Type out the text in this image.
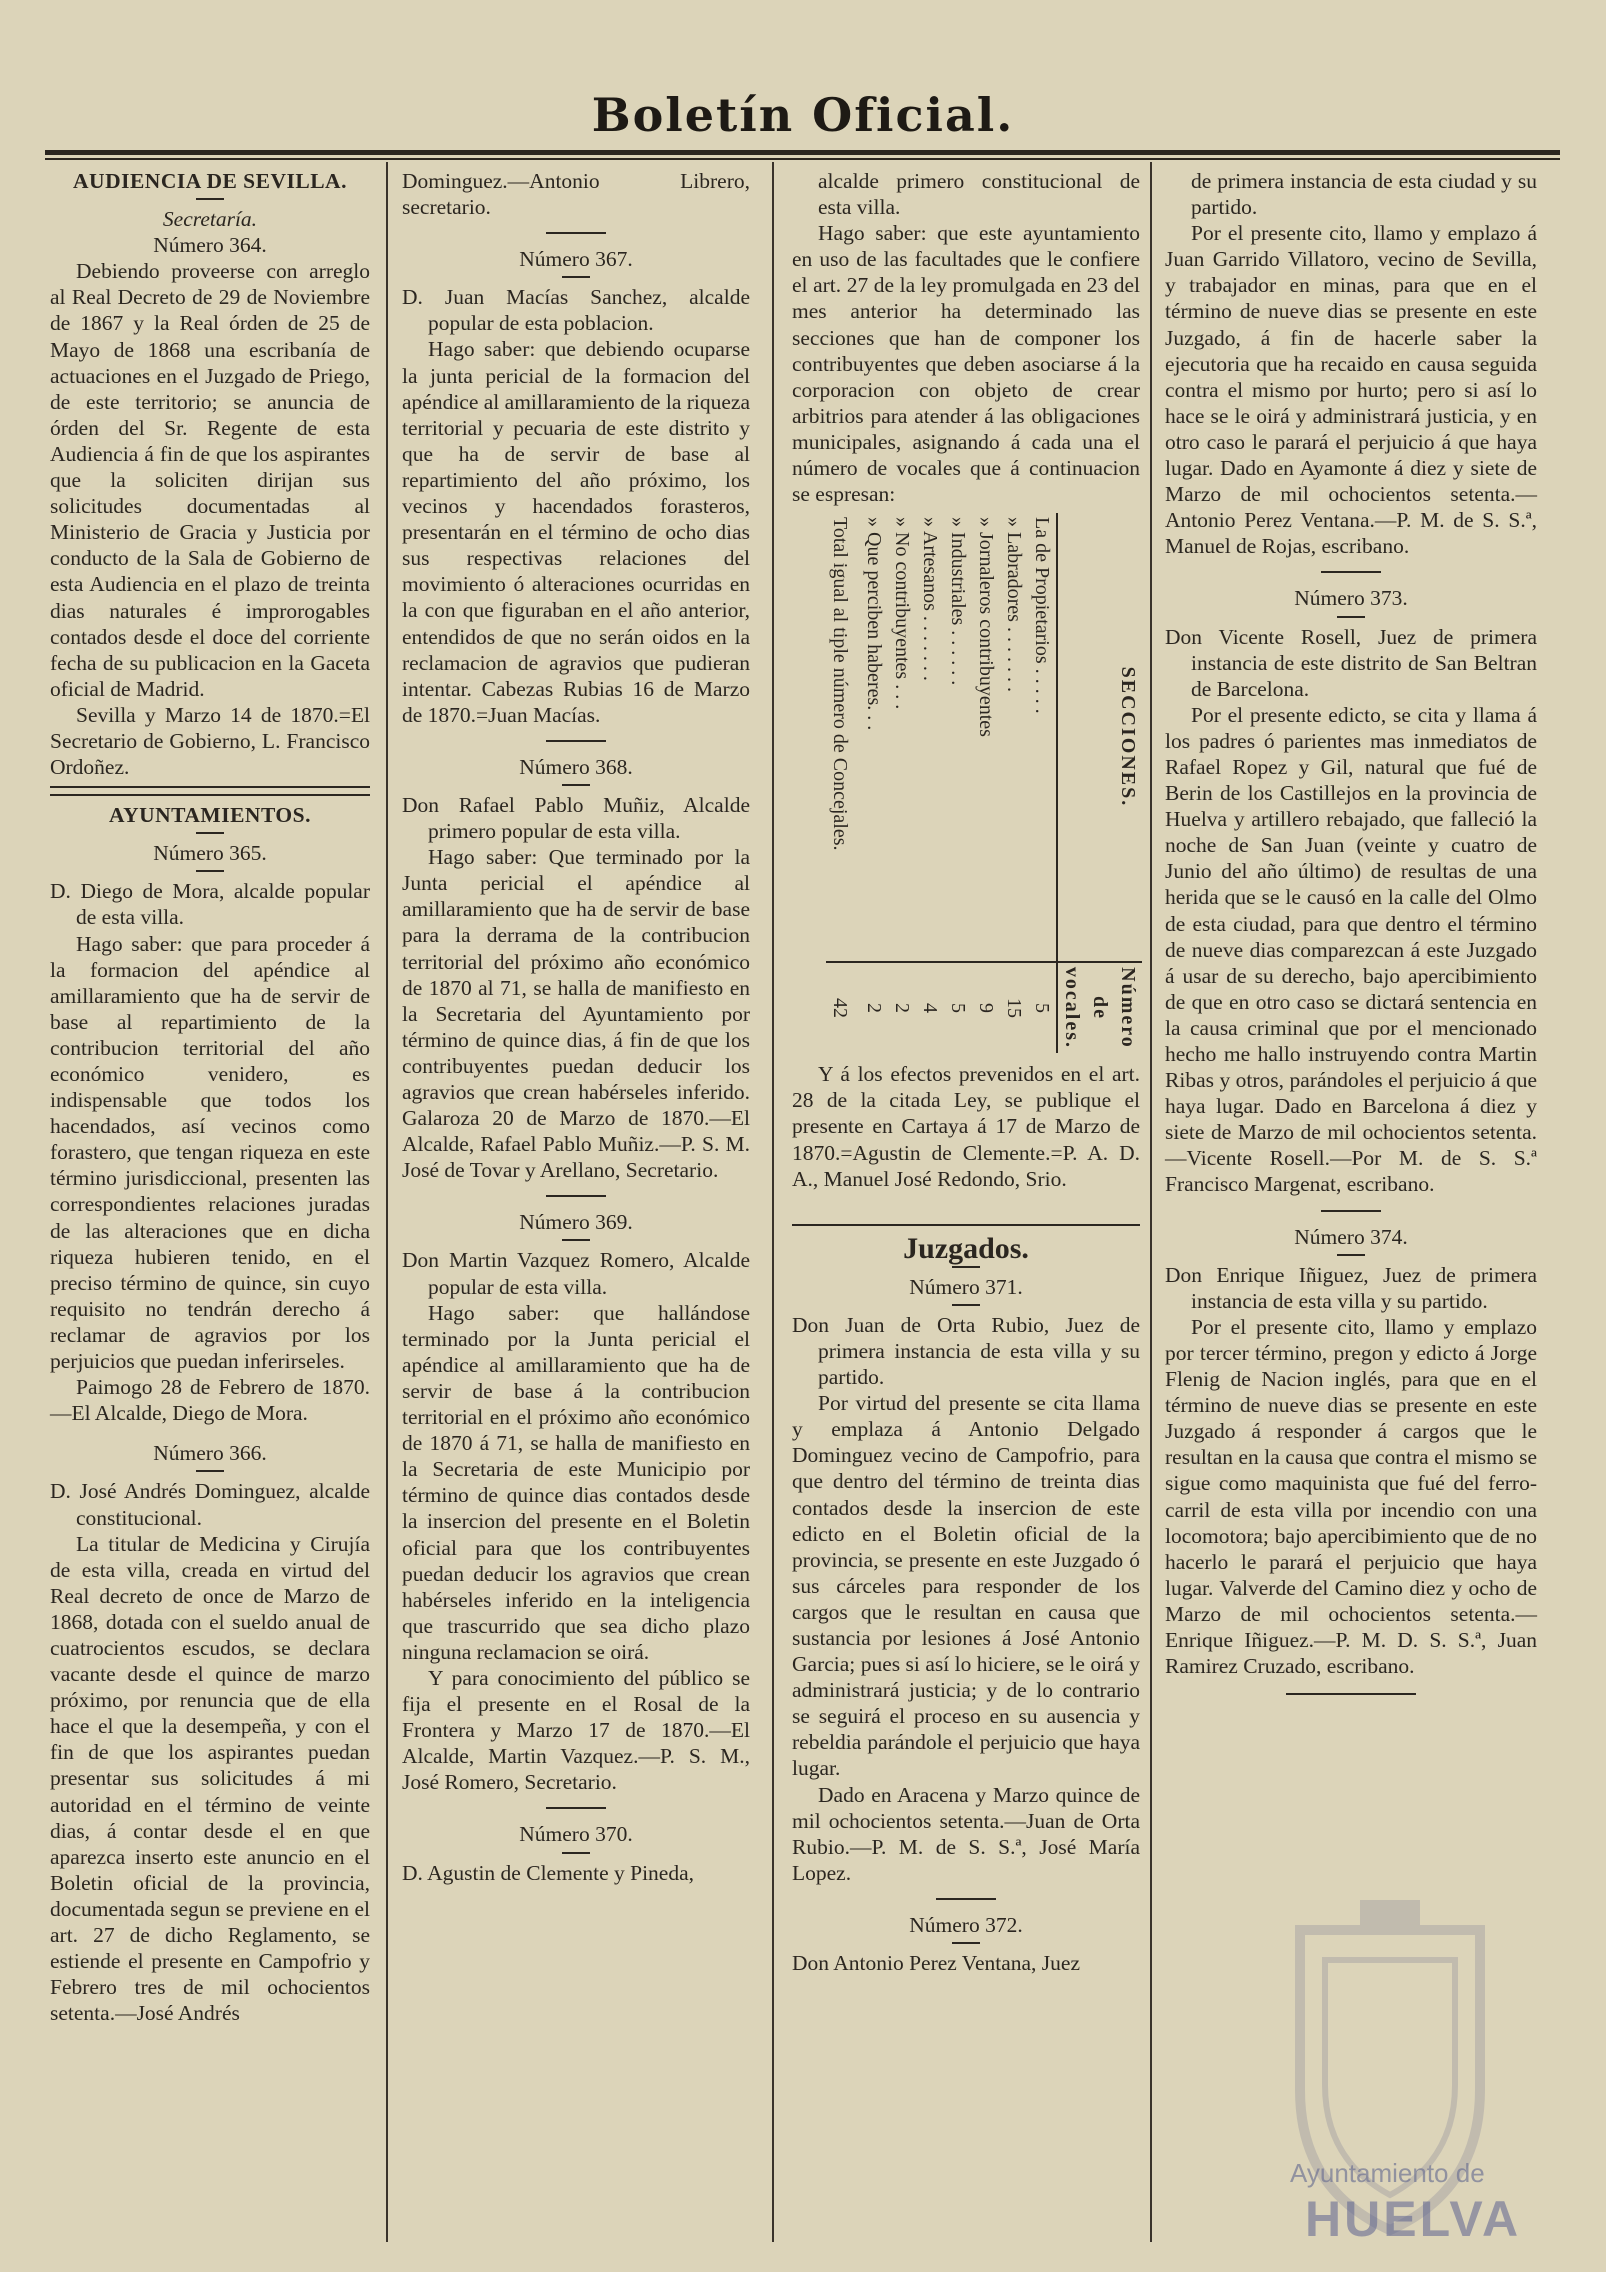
Boletín Oficial.

AUDIENCIA DE SEVILLA.

Secretaría.

Número 364.

Debiendo proveerse con arreglo al Real Decreto de 29 de Noviembre de 1867 y la Real órden de 25 de Mayo de 1868 una escribanía de actuaciones en el Juzgado de Priego, de este territorio; se anuncia de órden del Sr. Regente de esta Audiencia á fin de que los aspirantes que la soliciten dirijan sus solicitudes documentadas al Ministerio de Gracia y Justicia por conducto de la Sala de Gobierno de esta Audiencia en el plazo de treinta dias naturales é improrogables contados desde el doce del corriente fecha de su publicacion en la Gaceta oficial de Madrid.

Sevilla y Marzo 14 de 1870.=El Secretario de Gobierno, L. Francisco Ordoñez.

AYUNTAMIENTOS.

Número 365.

D. Diego de Mora, alcalde popular de esta villa.

Hago saber: que para proceder á la formacion del apéndice al amillaramiento que ha de servir de base al repartimiento de la contribucion territorial del año económico venidero, es indispensable que todos los hacendados, así vecinos como forastero, que tengan riqueza en este término jurisdiccional, presenten las correspondientes relaciones juradas de las alteraciones que en dicha riqueza hubieren tenido, en el preciso término de quince, sin cuyo requisito no tendrán derecho á reclamar de agravios por los perjuicios que puedan inferirseles.

Paimogo 28 de Febrero de 1870.—El Alcalde, Diego de Mora.

Número 366.

D. José Andrés Dominguez, alcalde constitucional.

La titular de Medicina y Cirujía de esta villa, creada en virtud del Real decreto de once de Marzo de 1868, dotada con el sueldo anual de cuatrocientos escudos, se declara vacante desde el quince de marzo próximo, por renuncia que de ella hace el que la desempeña, y con el fin de que los aspirantes puedan presentar sus solicitudes á mi autoridad en el término de veinte dias, á contar desde el en que aparezca inserto este anuncio en el Boletin oficial de la provincia, documentada segun se previene en el art. 27 de dicho Reglamento, se estiende el presente en Campofrio y Febrero tres de mil ochocientos setenta.—José Andrés

Dominguez.—Antonio Librero, secretario.

Número 367.

D. Juan Macías Sanchez, alcalde popular de esta poblacion.

Hago saber: que debiendo ocuparse la junta pericial de la formacion del apéndice al amillaramiento de la riqueza territorial y pecuaria de este distrito y que ha de servir de base al repartimiento del año próximo, los vecinos y hacendados forasteros, presentarán en el término de ocho dias sus respectivas relaciones del movimiento ó alteraciones ocurridas en la con que figuraban en el año anterior, entendidos de que no serán oidos en la reclamacion de agravios que pudieran intentar. Cabezas Rubias 16 de Marzo de 1870.=Juan Macías.

Número 368.

Don Rafael Pablo Muñiz, Alcalde primero popular de esta villa.

Hago saber: Que terminado por la Junta pericial el apéndice al amillaramiento que ha de servir de base para la derrama de la contribucion territorial del próximo año económico de 1870 al 71, se halla de manifiesto en la Secretaria del Ayuntamiento por término de quince dias, á fin de que los contribuyentes puedan deducir los agravios que crean habérseles inferido. Galaroza 20 de Marzo de 1870.—El Alcalde, Rafael Pablo Muñiz.—P. S. M. José de Tovar y Arellano, Secretario.

Número 369.

Don Martin Vazquez Romero, Alcalde popular de esta villa.

Hago saber: que hallándose terminado por la Junta pericial el apéndice al amillaramiento que ha de servir de base á la contribucion territorial en el próximo año económico de 1870 á 71, se halla de manifiesto en la Secretaria de este Municipio por término de quince dias contados desde la insercion del presente en el Boletin oficial para que los contribuyentes puedan deducir los agravios que crean habérseles inferido en la inteligencia que trascurrido que sea dicho plazo ninguna reclamacion se oirá.

Y para conocimiento del público se fija el presente en el Rosal de la Frontera y Marzo 17 de 1870.—El Alcalde, Martin Vazquez.—P. S. M., José Romero, Secretario.

Número 370.

D. Agustin de Clemente y Pineda,

alcalde primero constitucional de esta villa.

Hago saber: que este ayuntamiento en uso de las facultades que le confiere el art. 27 de la ley promulgada en 23 del mes anterior ha determinado las secciones que han de componer los contribuyentes que deben asociarse á la corporacion con objeto de crear arbitrios para atender á las obligaciones municipales, asignando á cada una el número de vocales que á continuacion se espresan:

SECCIONES.	Número de vocales.
La de Propietarios . . . . .	5
» Labradores . . . . . . .	15
» Jornaleros contribuyentes	9
» Industriales . . . . . .	5
» Artesanos . . . . . . .	4
» No contribuyentes . . .	2
» Que perciben haberes. . .	2
Total igual al tiple número de Concejales.	42

Y á los efectos prevenidos en el art. 28 de la citada Ley, se publique el presente en Cartaya á 17 de Marzo de 1870.=Agustin de Clemente.=P. A. D. A., Manuel José Redondo, Srio.

Juzgados.

Número 371.

Don Juan de Orta Rubio, Juez de primera instancia de esta villa y su partido.

Por virtud del presente se cita llama y emplaza á Antonio Delgado Dominguez vecino de Campofrio, para que dentro del término de treinta dias contados desde la insercion de este edicto en el Boletin oficial de la provincia, se presente en este Juzgado ó sus cárceles para responder de los cargos que le resultan en causa que sustancia por lesiones á José Antonio Garcia; pues si así lo hiciere, se le oirá y administrará justicia; y de lo contrario se seguirá el proceso en su ausencia y rebeldia parándole el perjuicio que haya lugar.

Dado en Aracena y Marzo quince de mil ochocientos setenta.—Juan de Orta Rubio.—P. M. de S. S.ª, José María Lopez.

Número 372.

Don Antonio Perez Ventana, Juez

de primera instancia de esta ciudad y su partido.

Por el presente cito, llamo y emplazo á Juan Garrido Villatoro, vecino de Sevilla, y trabajador en minas, para que en el término de nueve dias se presente en este Juzgado, á fin de hacerle saber la ejecutoria que ha recaido en causa seguida contra el mismo por hurto; pero si así lo hace se le oirá y administrará justicia, y en otro caso le parará el perjuicio á que haya lugar. Dado en Ayamonte á diez y siete de Marzo de mil ochocientos setenta.—Antonio Perez Ventana.—P. M. de S. S.ª, Manuel de Rojas, escribano.

Número 373.

Don Vicente Rosell, Juez de primera instancia de este distrito de San Beltran de Barcelona.

Por el presente edicto, se cita y llama á los padres ó parientes mas inmediatos de Rafael Ropez y Gil, natural que fué de Berin de los Castillejos en la provincia de Huelva y artillero rebajado, que falleció la noche de San Juan (veinte y cuatro de Junio del año último) de resultas de una herida que se le causó en la calle del Olmo de esta ciudad, para que dentro el término de nueve dias comparezcan á este Juzgado á usar de su derecho, bajo apercibimiento de que en otro caso se dictará sentencia en la causa criminal que por el mencionado hecho me hallo instruyendo contra Martin Ribas y otros, parándoles el perjuicio á que haya lugar. Dado en Barcelona á diez y siete de Marzo de mil ochocientos setenta.—Vicente Rosell.—Por M. de S. S.ª Francisco Margenat, escribano.

Número 374.

Don Enrique Iñiguez, Juez de primera instancia de esta villa y su partido.

Por el presente cito, llamo y emplazo por tercer término, pregon y edicto á Jorge Flenig de Nacion inglés, para que en el término de nueve dias se presente en este Juzgado á responder á cargos que le resultan en la causa que contra el mismo se sigue como maquinista que fué del ferro-carril de esta villa por incendio con una locomotora; bajo apercibimiento que de no hacerlo le parará el perjuicio que haya lugar. Valverde del Camino diez y ocho de Marzo de mil ochocientos setenta.—Enrique Iñiguez.—P. M. D. S. S.ª, Juan Ramirez Cruzado, escribano.

Ayuntamiento de
HUELVA
